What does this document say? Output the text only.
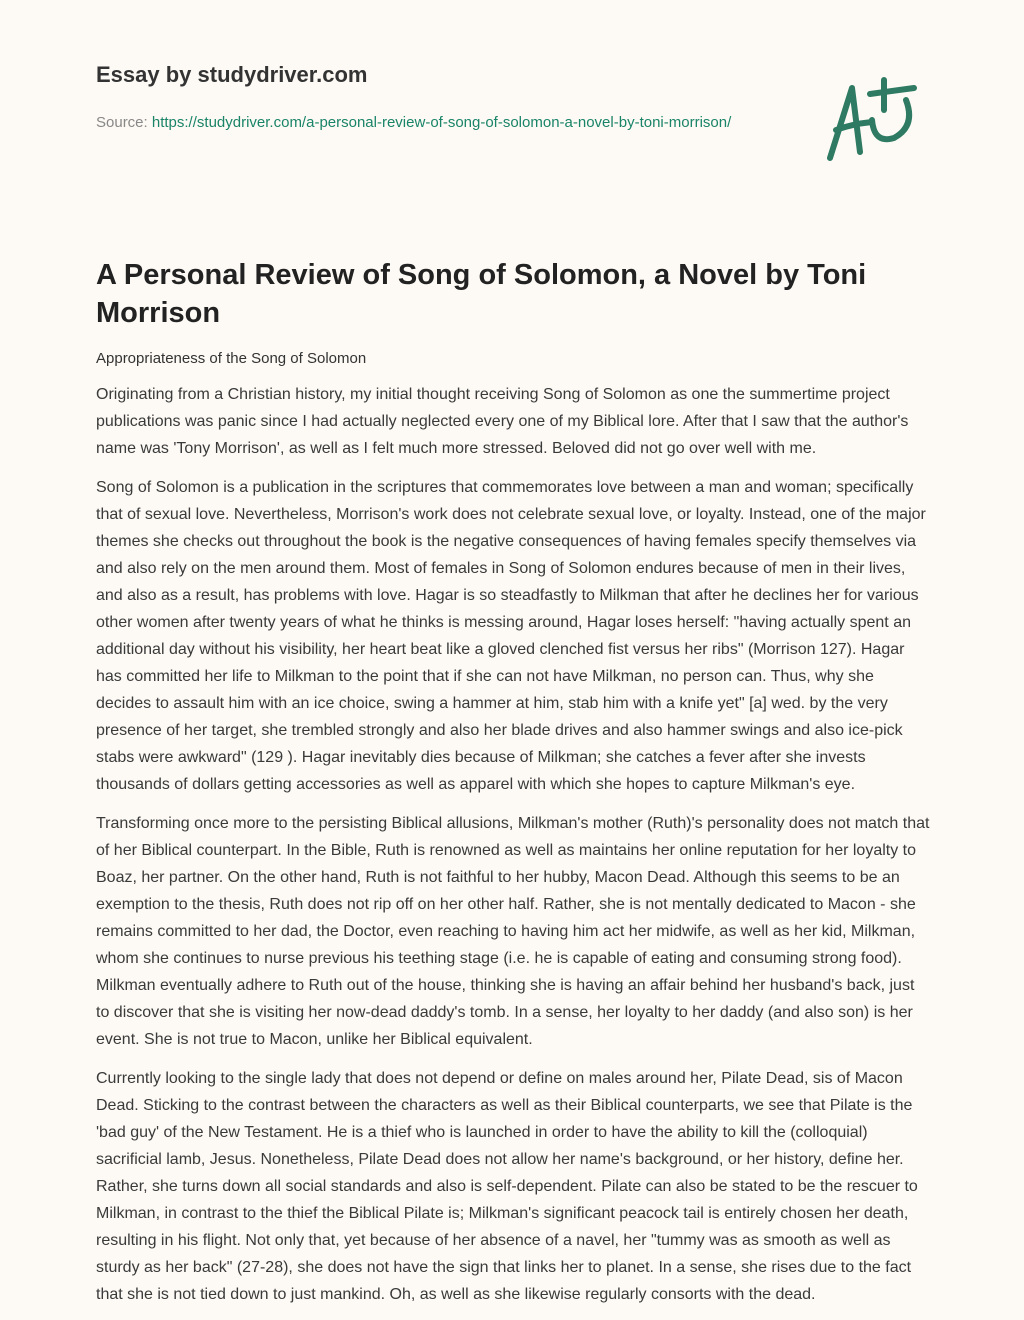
Essay by studydriver.com
Source: https://studydriver.com/a-personal-review-of-song-of-solomon-a-novel-by-toni-morrison/
A Personal Review of Song of Solomon, a Novel by Toni Morrison
Appropriateness of the Song of Solomon

Originating from a Christian history, my initial thought receiving Song of Solomon as one the summertime project publications was panic since I had actually neglected every one of my Biblical lore. After that I saw that the author's name was 'Tony Morrison', as well as I felt much more stressed. Beloved did not go over well with me.

Song of Solomon is a publication in the scriptures that commemorates love between a man and woman; specifically that of sexual love. Nevertheless, Morrison's work does not celebrate sexual love, or loyalty. Instead, one of the major themes she checks out throughout the book is the negative consequences of having females specify themselves via and also rely on the men around them. Most of females in Song of Solomon endures because of men in their lives, and also as a result, has problems with love. Hagar is so steadfastly to Milkman that after he declines her for various other women after twenty years of what he thinks is messing around, Hagar loses herself: "having actually spent an additional day without his visibility, her heart beat like a gloved clenched fist versus her ribs" (Morrison 127). Hagar has committed her life to Milkman to the point that if she can not have Milkman, no person can. Thus, why she decides to assault him with an ice choice, swing a hammer at him, stab him with a knife yet" [a] wed. by the very presence of her target, she trembled strongly and also her blade drives and also hammer swings and also ice-pick stabs were awkward" (129 ). Hagar inevitably dies because of Milkman; she catches a fever after she invests thousands of dollars getting accessories as well as apparel with which she hopes to capture Milkman's eye.

Transforming once more to the persisting Biblical allusions, Milkman's mother (Ruth)'s personality does not match that of her Biblical counterpart. In the Bible, Ruth is renowned as well as maintains her online reputation for her loyalty to Boaz, her partner. On the other hand, Ruth is not faithful to her hubby, Macon Dead. Although this seems to be an exemption to the thesis, Ruth does not rip off on her other half. Rather, she is not mentally dedicated to Macon - she remains committed to her dad, the Doctor, even reaching to having him act her midwife, as well as her kid, Milkman, whom she continues to nurse previous his teething stage (i.e. he is capable of eating and consuming strong food). Milkman eventually adhere to Ruth out of the house, thinking she is having an affair behind her husband's back, just to discover that she is visiting her now-dead daddy's tomb. In a sense, her loyalty to her daddy (and also son) is her event. She is not true to Macon, unlike her Biblical equivalent.

Currently looking to the single lady that does not depend or define on males around her, Pilate Dead, sis of Macon Dead. Sticking to the contrast between the characters as well as their Biblical counterparts, we see that Pilate is the 'bad guy' of the New Testament. He is a thief who is launched in order to have the ability to kill the (colloquial) sacrificial lamb, Jesus. Nonetheless, Pilate Dead does not allow her name's background, or her history, define her. Rather, she turns down all social standards and also is self-dependent. Pilate can also be stated to be the rescuer to Milkman, in contrast to the thief the Biblical Pilate is; Milkman's significant peacock tail is entirely chosen her death, resulting in his flight. Not only that, yet because of her absence of a navel, her "tummy was as smooth as well as sturdy as her back" (27-28), she does not have the sign that links her to planet. In a sense, she rises due to the fact that she is not tied down to just mankind. Oh, as well as she likewise regularly consorts with the dead.
